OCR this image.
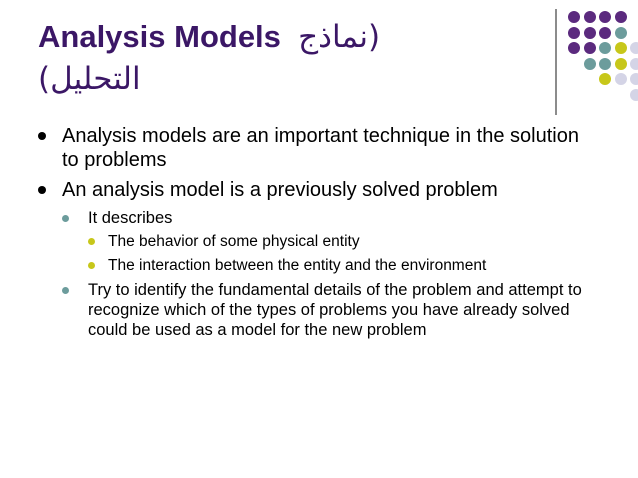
Analysis Models (نماذج
التحليل)
Analysis models are an important technique in the solution to problems
An analysis model is a previously solved problem
It describes
The behavior of some physical entity
The interaction between the entity and the environment
Try to identify the fundamental details of the problem and attempt to recognize which of the types of problems you have already solved could be used as a model for the new problem
